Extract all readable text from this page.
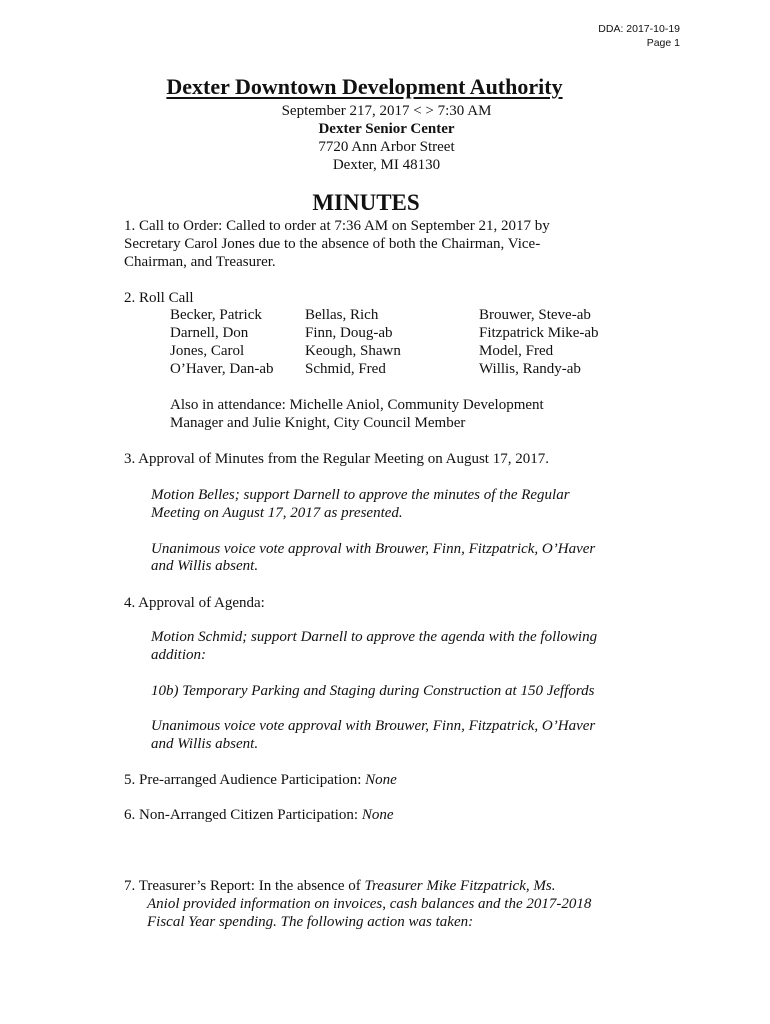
DDA: 2017-10-19
Page 1
Dexter Downtown Development Authority
September 217, 2017 < > 7:30 AM
Dexter Senior Center
7720 Ann Arbor Street
Dexter, MI 48130
MINUTES
1. Call to Order: Called to order at 7:36 AM on September 21, 2017 by
Secretary Carol Jones due to the absence of both the Chairman, Vice-
Chairman, and Treasurer.
2. Roll Call
Becker, Patrick
Darnell, Don
Jones, Carol
O’Haver, Dan-ab
Bellas, Rich
Finn, Doug-ab
Keough, Shawn
Schmid, Fred
Brouwer, Steve-ab
Fitzpatrick Mike-ab
Model, Fred
Willis, Randy-ab
Also in attendance: Michelle Aniol, Community Development
Manager and Julie Knight, City Council Member
3. Approval of Minutes from the Regular Meeting on August 17, 2017.
Motion Belles; support Darnell to approve the minutes of the Regular
Meeting on August 17, 2017 as presented.
Unanimous voice vote approval with Brouwer, Finn, Fitzpatrick, O’Haver
and Willis absent.
4. Approval of Agenda:
Motion Schmid; support Darnell to approve the agenda with the following
addition:
10b) Temporary Parking and Staging during Construction at 150 Jeffords
Unanimous voice vote approval with Brouwer, Finn, Fitzpatrick, O’Haver
and Willis absent.
5. Pre-arranged Audience Participation: None
6. Non-Arranged Citizen Participation: None
7. Treasurer’s Report: In the absence of Treasurer Mike Fitzpatrick, Ms.
Aniol provided information on invoices, cash balances and the 2017-2018
Fiscal Year spending. The following action was taken:
